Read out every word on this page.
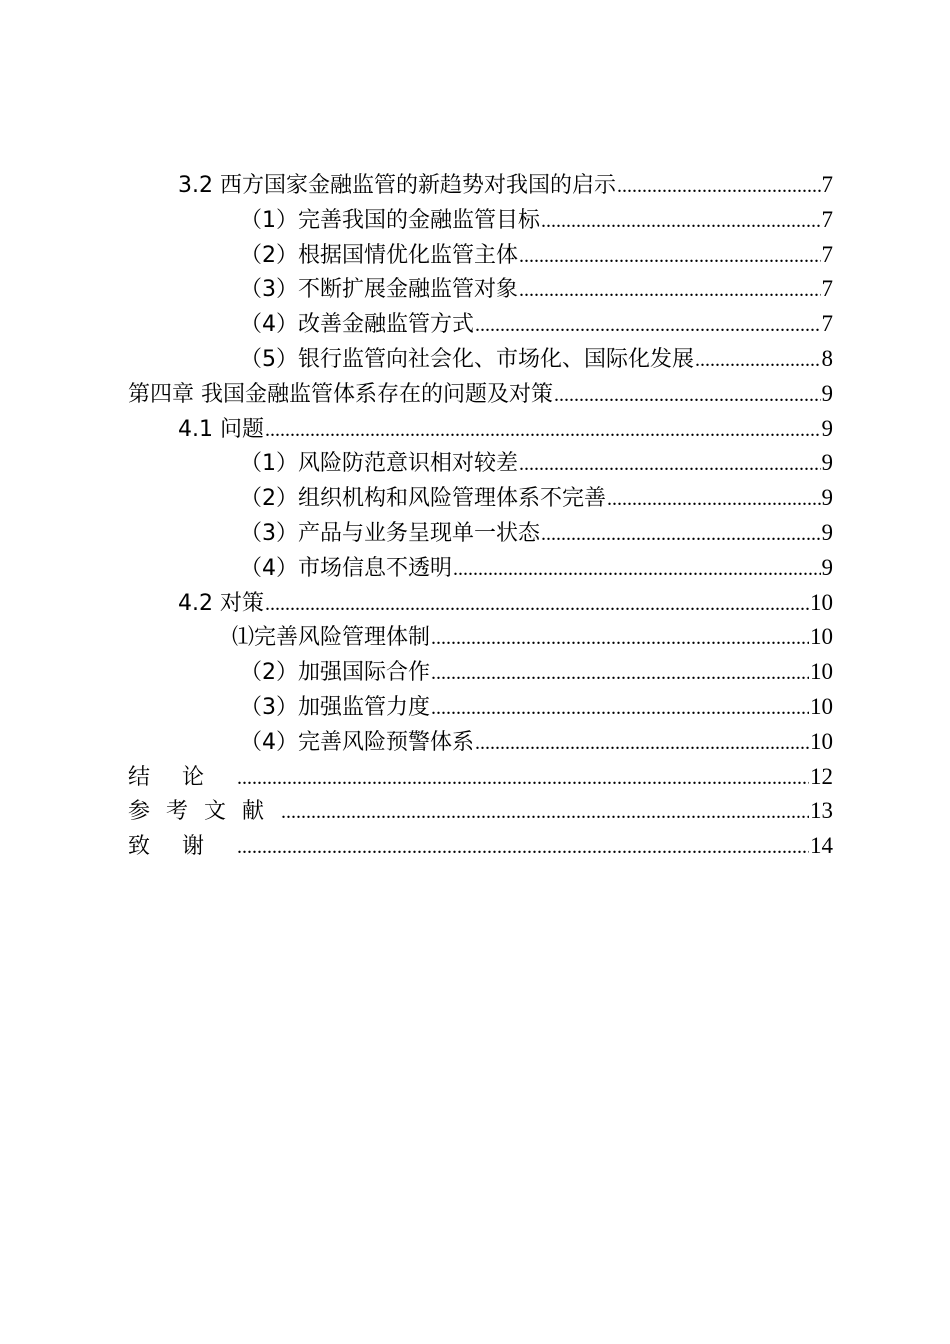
3.2 西方国家金融监管的新趋势对我国的启示 .....	7
（1）完善我国的金融监管目标 .....	7
（2）根据国情优化监管主体 .....	7
（3）不断扩展金融监管对象 .....	7
（4）改善金融监管方式 .....	7
（5）银行监管向社会化、市场化、国际化发展 .....	8
第四章 我国金融监管体系存在的问题及对策 .....	9
4.1 问题 .....	9
（1）风险防范意识相对较差 .....	9
（2）组织机构和风险管理体系不完善 .....	9
（3）产品与业务呈现单一状态 .....	9
（4）市场信息不透明 .....	9
4.2 对策 .....	10
⑴完善风险管理体制 .....	10
（2）加强国际合作 .....	10
（3）加强监管力度 .....	10
（4）完善风险预警体系 .....	10
结论 .....	12
参考文献 .....	13
致谢 .....	14
